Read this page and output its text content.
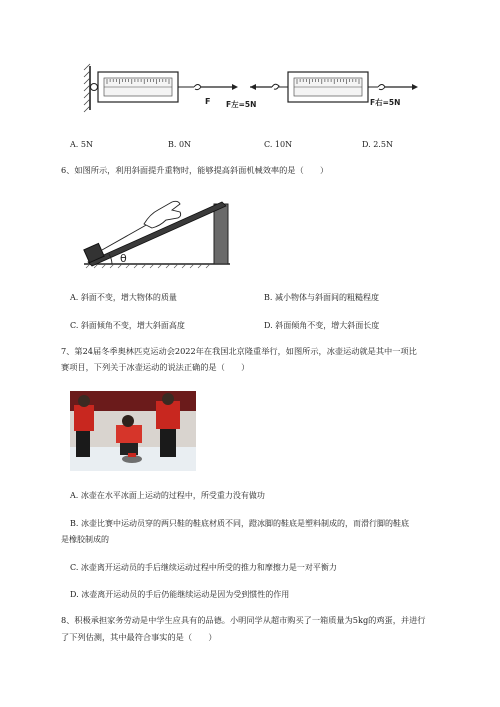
F F左=5N	F右=5N
A. 5N	B. 0N	C. 10N	D. 2.5N
6、如图所示，利用斜面提升重物时，能够提高斜面机械效率的是（　　）
θ
A. 斜面不变，增大物体的质量	B. 减小物体与斜面间的粗糙程度
C. 斜面倾角不变，增大斜面高度	D. 斜面倾角不变，增大斜面长度
7、第24届冬季奥林匹克运动会2022年在我国北京隆重举行，如图所示，冰壶运动就是其中一项比
赛项目，下列关于冰壶运动的说法正确的是（　　）
A. 冰壶在水平冰面上运动的过程中，所受重力没有做功
B. 冰壶比赛中运动员穿的两只鞋的鞋底材质不同，蹬冰脚的鞋底是塑料制成的，而滑行脚的鞋底
是橡胶制成的
C. 冰壶离开运动员的手后继续运动过程中所受的推力和摩擦力是一对平衡力
D. 冰壶离开运动员的手后仍能继续运动是因为受到惯性的作用
8、积极承担家务劳动是中学生应具有的品德。小明同学从超市购买了一箱质量为5kg的鸡蛋，并进行
了下列估测，其中最符合事实的是（　　）
